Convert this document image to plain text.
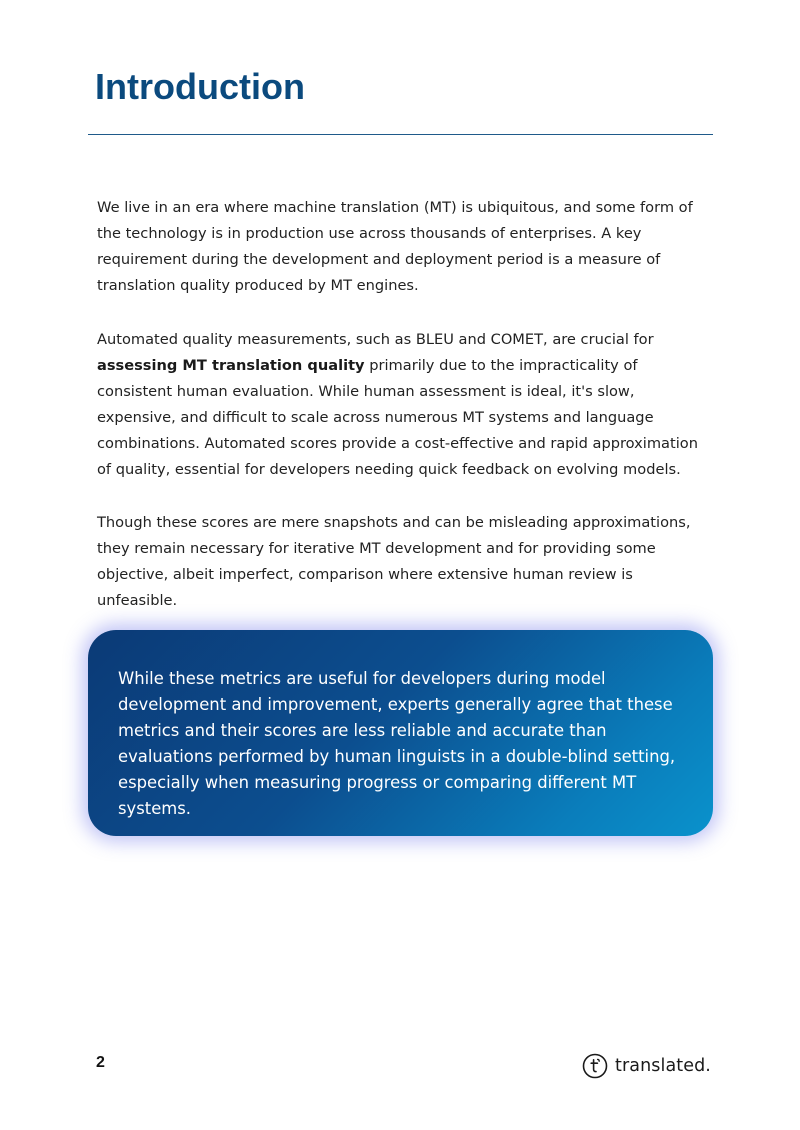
Introduction

We live in an era where machine translation (MT) is ubiquitous, and some form of the technology is in production use across thousands of enterprises. A key requirement during the development and deployment period is a measure of translation quality produced by MT engines.

Automated quality measurements, such as BLEU and COMET, are crucial for assessing MT translation quality primarily due to the impracticality of consistent human evaluation. While human assessment is ideal, it's slow, expensive, and difficult to scale across numerous MT systems and language combinations. Automated scores provide a cost-effective and rapid approximation of quality, essential for developers needing quick feedback on evolving models.

Though these scores are mere snapshots and can be misleading approximations, they remain necessary for iterative MT development and for providing some objective, albeit imperfect, comparison where extensive human review is unfeasible.

While these metrics are useful for developers during model development and improvement, experts generally agree that these metrics and their scores are less reliable and accurate than evaluations performed by human linguists in a double-blind setting, especially when measuring progress or comparing different MT systems.

2	translated.
